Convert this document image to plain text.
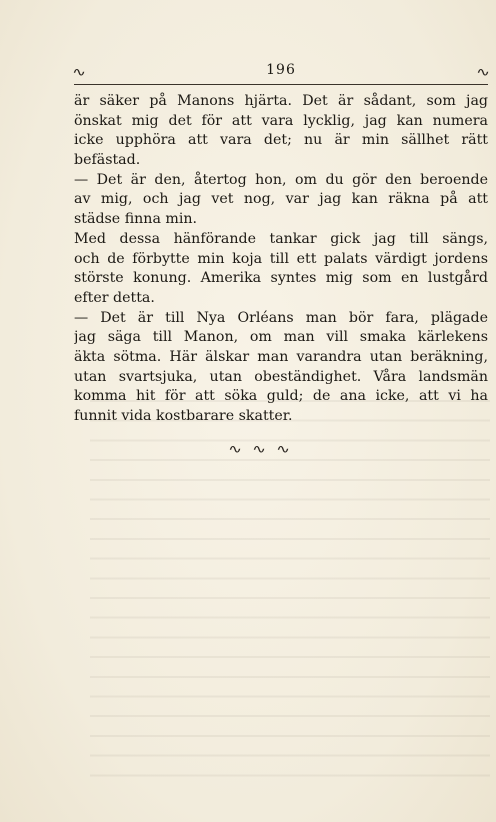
∿	196	∿
är säker på Manons hjärta. Det är sådant, som jag
önskat mig det för att vara lycklig, jag kan numera
icke upphöra att vara det; nu är min sällhet rätt
befästad.
— Det är den, återtog hon, om du gör den beroende
av mig, och jag vet nog, var jag kan räkna på att
städse finna min.
Med dessa hänförande tankar gick jag till sängs,
och de förbytte min koja till ett palats värdigt jordens
störste konung. Amerika syntes mig som en lustgård
efter detta.
— Det är till Nya Orléans man bör fara, plägade
jag säga till Manon, om man vill smaka kärlekens
äkta sötma. Här älskar man varandra utan beräkning,
utan svartsjuka, utan obeständighet. Våra landsmän
komma hit för att söka guld; de ana icke, att vi ha
funnit vida kostbarare skatter.
∿ ∿ ∿
